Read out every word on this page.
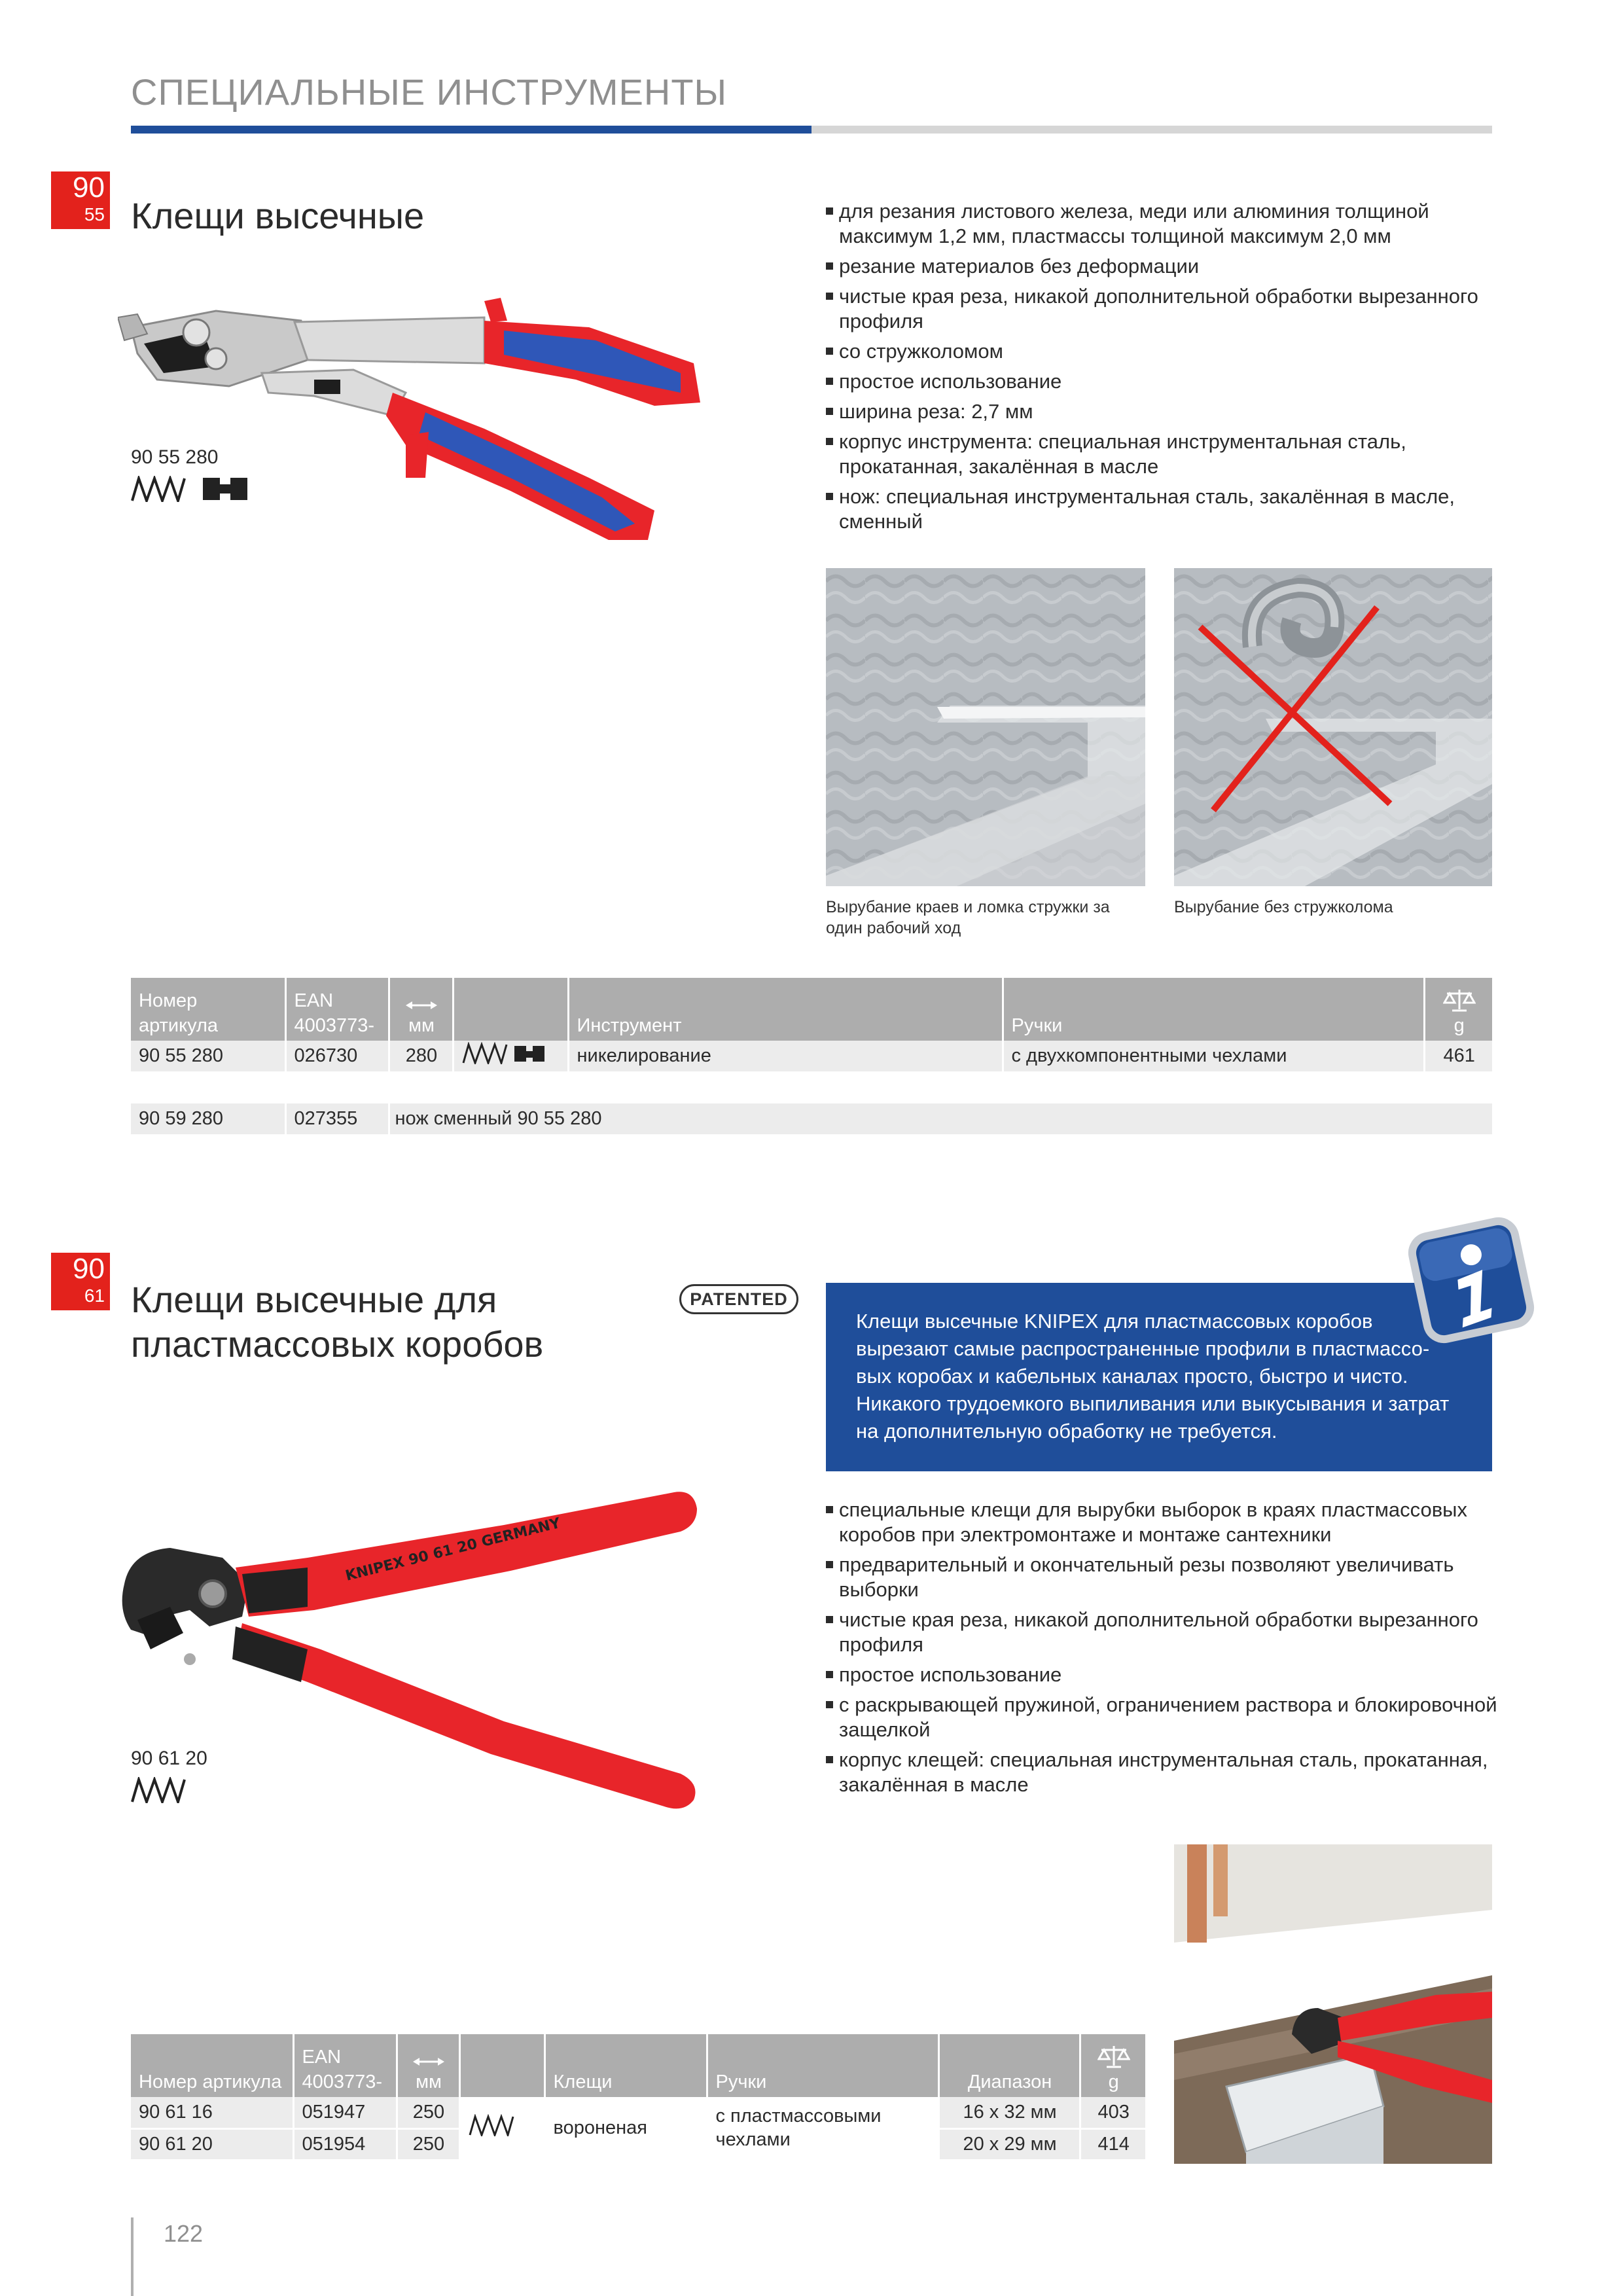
СПЕЦИАЛЬНЫЕ ИНСТРУМЕНТЫ
90
55 Клещи высечные
90 55 280
для резания листового железа, меди или алюминия толщиной максимум 1,2 мм, пластмассы толщиной максимум 2,0 мм
резание материалов без деформации
чистые края реза, никакой дополнительной обработки вырезанного профиля
со стружколомом
простое использование
ширина реза: 2,7 мм
корпус инструмента: специальная инструментальная сталь, прокатанная, закалённая в масле
нож: специальная инструментальная сталь, закалённая в масле, сменный
Вырубание краев и ломка стружки за один рабочий ход
Вырубание без стружколома
Номер артикула	EAN 4003773-	мм		Инструмент	Ручки	g
90 55 280	026730	280		никелирование	с двухкомпонентными чехлами	461
90 59 280	027355	нож сменный 90 55 280
90
61 Клещи высечные для
пластмассовых коробов
PATENTED
Клещи высечные KNIPEX для пластмассовых коробов вырезают самые распространенные профили в пластмассо-вых коробах и кабельных каналах просто, быстро и чисто. Никакого трудоемкого выпиливания или выкусывания и затрат на дополнительную обработку не требуется.
специальные клещи для вырубки выборок в краях пластмассовых коробов при электромонтаже и монтаже сантехники
предварительный и окончательный резы позволяют увеличивать выборки
чистые края реза, никакой дополнительной обработки вырезанного профиля
простое использование
с раскрывающей пружиной, ограничением раствора и блокировочной защелкой
корпус клещей: специальная инструментальная сталь, прокатанная, закалённая в масле
KNIPEX 90 61 20 GERMANY
90 61 20
Номер артикула	EAN 4003773-	мм		Клещи	Ручки	Диапазон	g
90 61 16	051947	250		вороненая	с пластмассовыми чехлами	16 x 32 мм	403
90 61 20	051954	250				20 x 29 мм	414
122
